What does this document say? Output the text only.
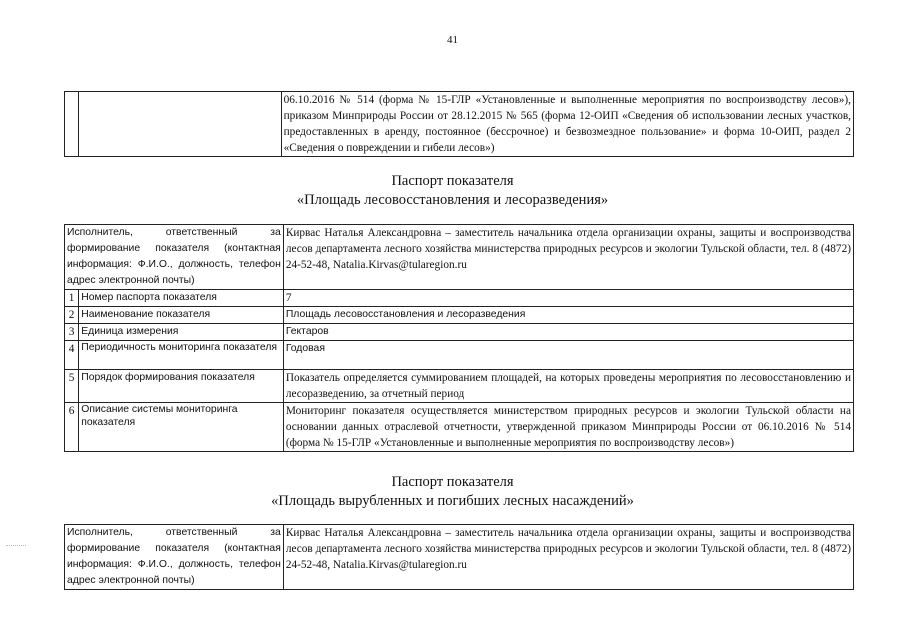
41
		06.10.2016 № 514 (форма № 15-ГЛР «Установленные и выполненные мероприятия по воспроизводству лесов»), приказом Минприроды России от 28.12.2015 № 565 (форма 12-ОИП «Сведения об использовании лесных участков, предоставленных в аренду, постоянное (бессрочное) и безвозмездное пользование» и форма 10-ОИП, раздел 2 «Сведения о повреждении и гибели лесов»)
Паспорт показателя
«Площадь лесовосстановления и лесоразведения»
Исполнитель, ответственный за формирование показателя (контактная информация: Ф.И.О., должность, телефон адрес электронной почты)		Кирвас Наталья Александровна – заместитель начальника отдела организации охраны, защиты и воспроизводства лесов департамента лесного хозяйства министерства природных ресурсов и экологии Тульской области, тел. 8 (4872) 24-52-48, Natalia.Kirvas@tularegion.ru
1	Номер паспорта показателя	7
2	Наименование показателя	Площадь лесовосстановления и лесоразведения
3	Единица измерения	Гектаров
4	Периодичность мониторинга показателя	Годовая
5	Порядок формирования показателя	Показатель определяется суммированием площадей, на которых проведены мероприятия по лесовосстановлению и лесоразведению, за отчетный период
6	Описание системы мониторинга показателя	Мониторинг показателя осуществляется министерством природных ресурсов и экологии Тульской области на основании данных отраслевой отчетности, утвержденной приказом Минприроды России от 06.10.2016 № 514 (форма № 15-ГЛР «Установленные и выполненные мероприятия по воспроизводству лесов»)
Паспорт показателя
«Площадь вырубленных и погибших лесных насаждений»
Исполнитель, ответственный за формирование показателя (контактная информация: Ф.И.О., должность, телефон адрес электронной почты)	Кирвас Наталья Александровна – заместитель начальника отдела организации охраны, защиты и воспроизводства лесов департамента лесного хозяйства министерства природных ресурсов и экологии Тульской области, тел. 8 (4872) 24-52-48, Natalia.Kirvas@tularegion.ru
